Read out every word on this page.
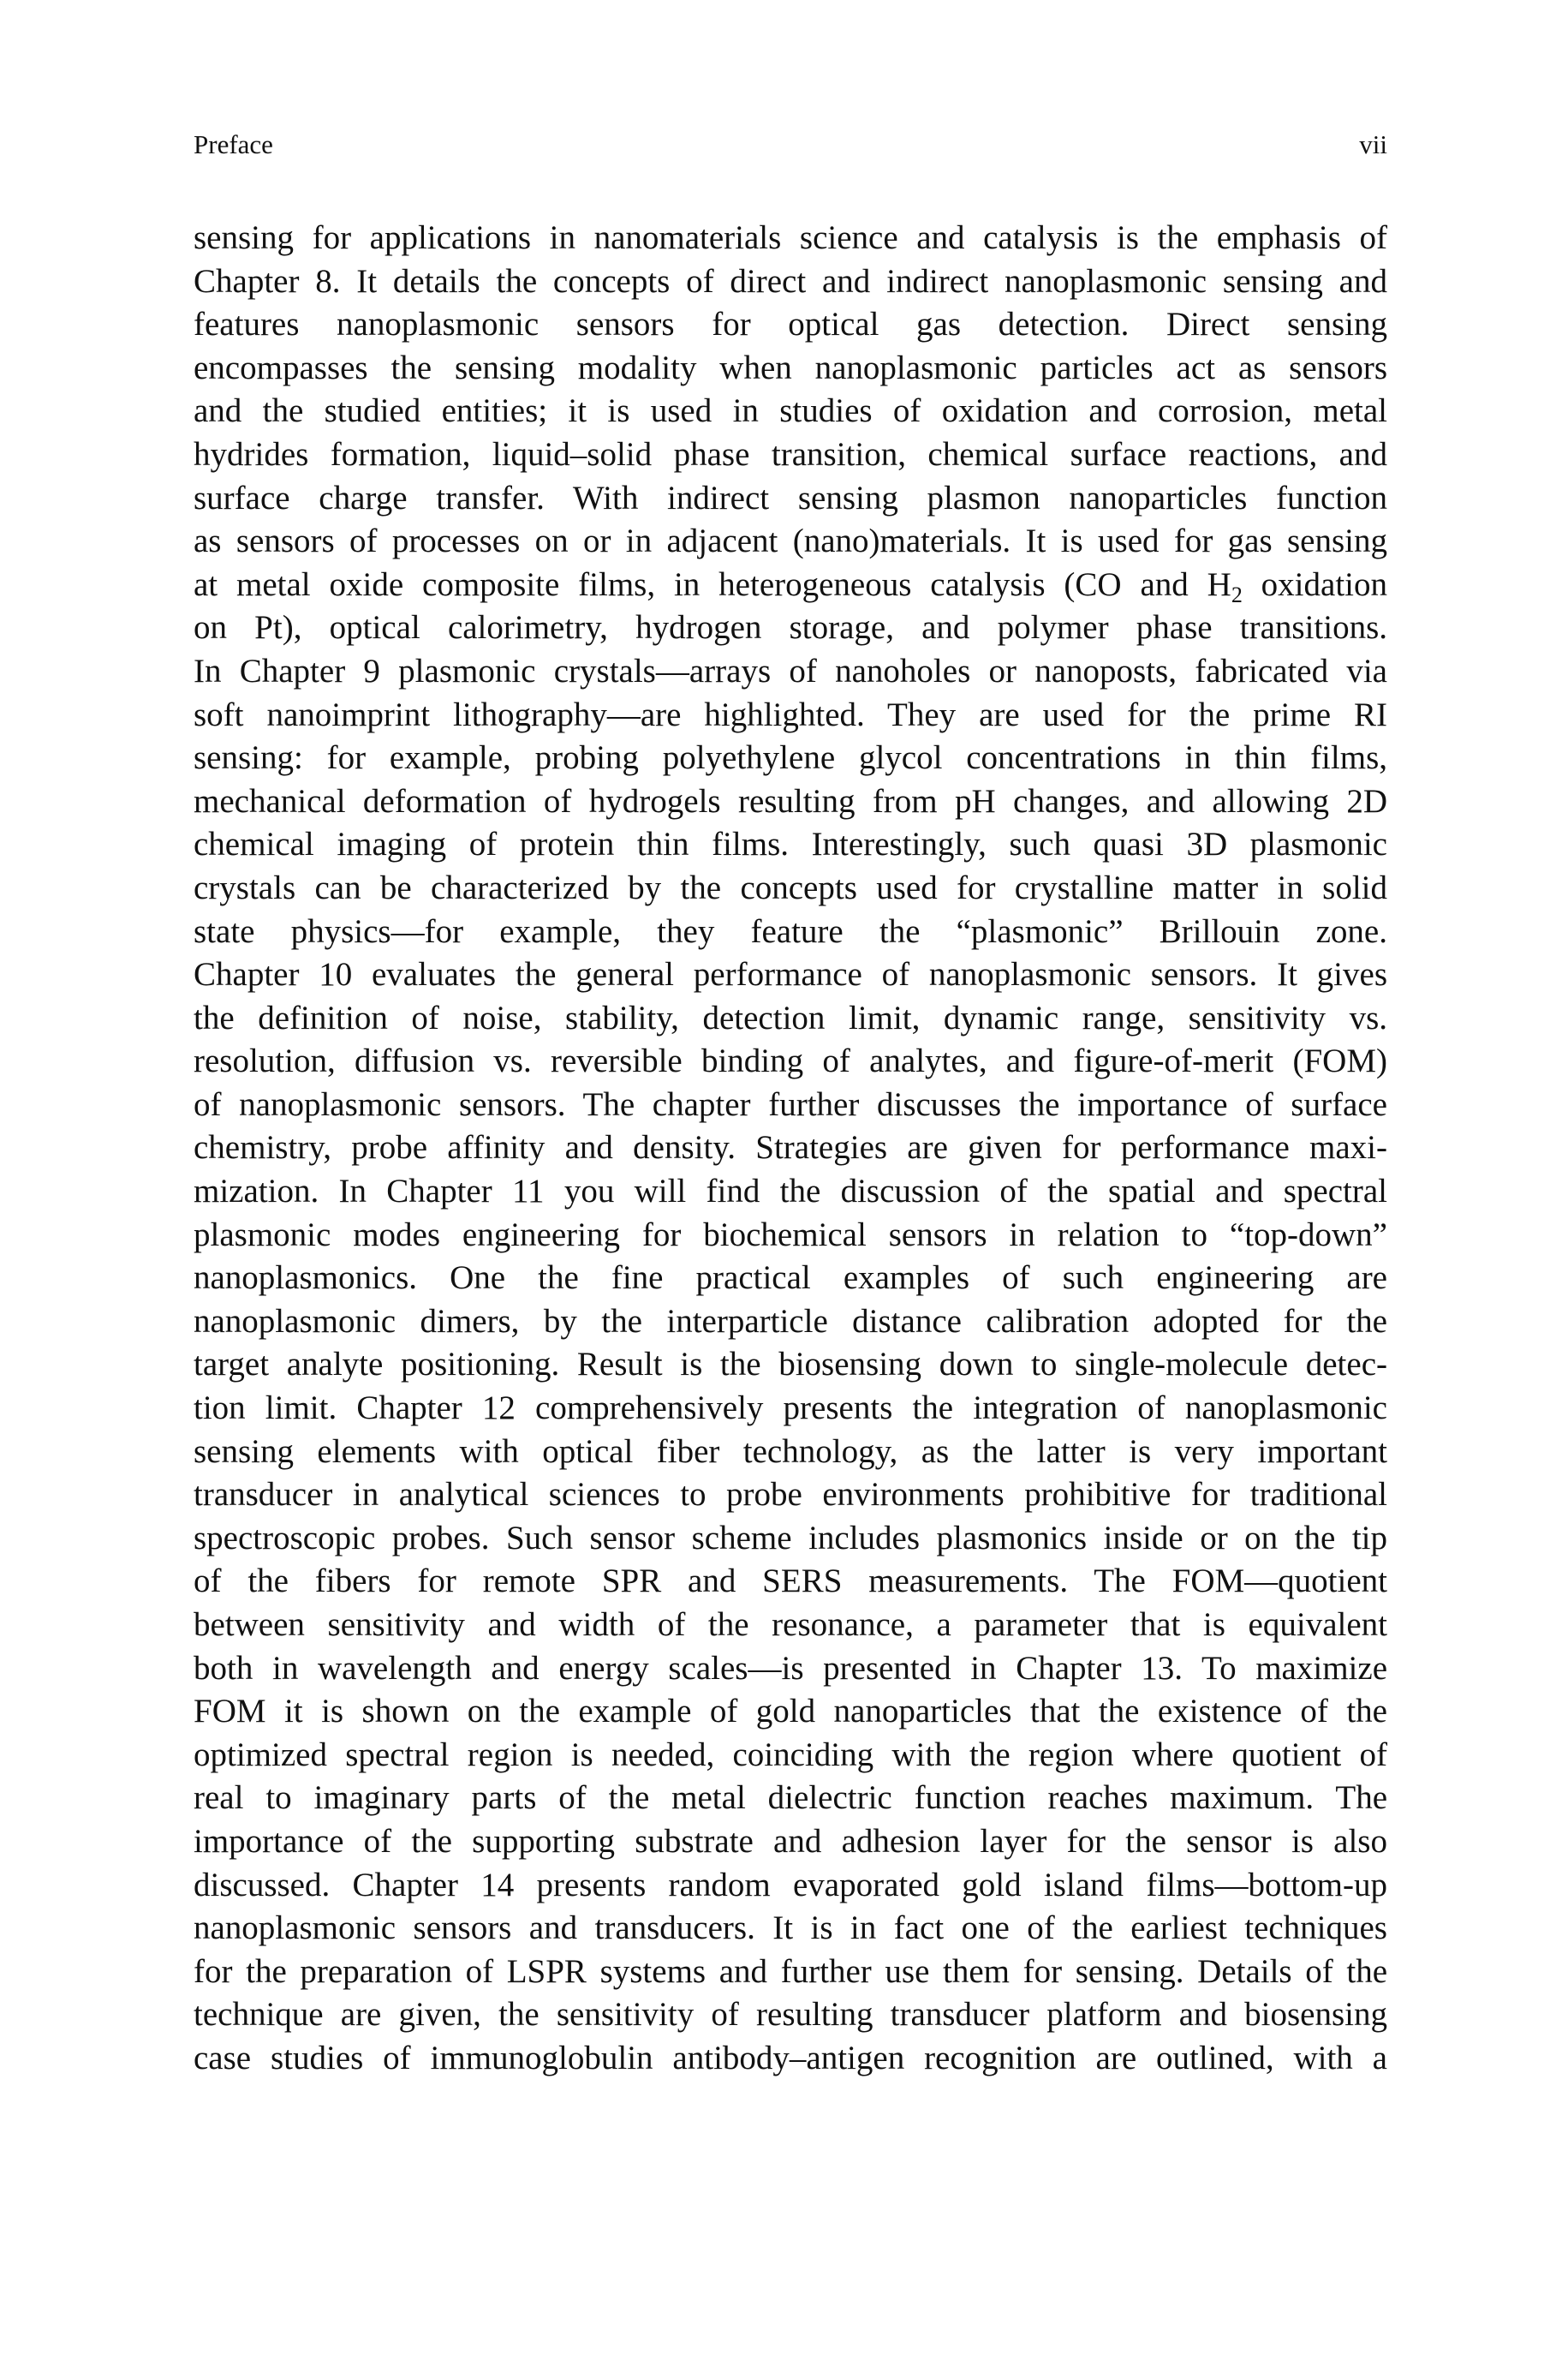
Preface	vii
sensing for applications in nanomaterials science and catalysis is the emphasis of
Chapter 8. It details the concepts of direct and indirect nanoplasmonic sensing and
features nanoplasmonic sensors for optical gas detection. Direct sensing
encompasses the sensing modality when nanoplasmonic particles act as sensors
and the studied entities; it is used in studies of oxidation and corrosion, metal
hydrides formation, liquid–solid phase transition, chemical surface reactions, and
surface charge transfer. With indirect sensing plasmon nanoparticles function
as sensors of processes on or in adjacent (nano)materials. It is used for gas sensing
at metal oxide composite films, in heterogeneous catalysis (CO and $H_2$ oxidation
on Pt), optical calorimetry, hydrogen storage, and polymer phase transitions.
In Chapter 9 plasmonic crystals—arrays of nanoholes or nanoposts, fabricated via
soft nanoimprint lithography—are highlighted. They are used for the prime RI
sensing: for example, probing polyethylene glycol concentrations in thin films,
mechanical deformation of hydrogels resulting from pH changes, and allowing 2D
chemical imaging of protein thin films. Interestingly, such quasi 3D plasmonic
crystals can be characterized by the concepts used for crystalline matter in solid
state physics—for example, they feature the “plasmonic” Brillouin zone.
Chapter 10 evaluates the general performance of nanoplasmonic sensors. It gives
the definition of noise, stability, detection limit, dynamic range, sensitivity vs.
resolution, diffusion vs. reversible binding of analytes, and figure-of-merit (FOM)
of nanoplasmonic sensors. The chapter further discusses the importance of surface
chemistry, probe affinity and density. Strategies are given for performance maxi-
mization. In Chapter 11 you will find the discussion of the spatial and spectral
plasmonic modes engineering for biochemical sensors in relation to “top-down”
nanoplasmonics. One the fine practical examples of such engineering are
nanoplasmonic dimers, by the interparticle distance calibration adopted for the
target analyte positioning. Result is the biosensing down to single-molecule detec-
tion limit. Chapter 12 comprehensively presents the integration of nanoplasmonic
sensing elements with optical fiber technology, as the latter is very important
transducer in analytical sciences to probe environments prohibitive for traditional
spectroscopic probes. Such sensor scheme includes plasmonics inside or on the tip
of the fibers for remote SPR and SERS measurements. The FOM—quotient
between sensitivity and width of the resonance, a parameter that is equivalent
both in wavelength and energy scales—is presented in Chapter 13. To maximize
FOM it is shown on the example of gold nanoparticles that the existence of the
optimized spectral region is needed, coinciding with the region where quotient of
real to imaginary parts of the metal dielectric function reaches maximum. The
importance of the supporting substrate and adhesion layer for the sensor is also
discussed. Chapter 14 presents random evaporated gold island films—bottom-up
nanoplasmonic sensors and transducers. It is in fact one of the earliest techniques
for the preparation of LSPR systems and further use them for sensing. Details of the
technique are given, the sensitivity of resulting transducer platform and biosensing
case studies of immunoglobulin antibody–antigen recognition are outlined, with a
